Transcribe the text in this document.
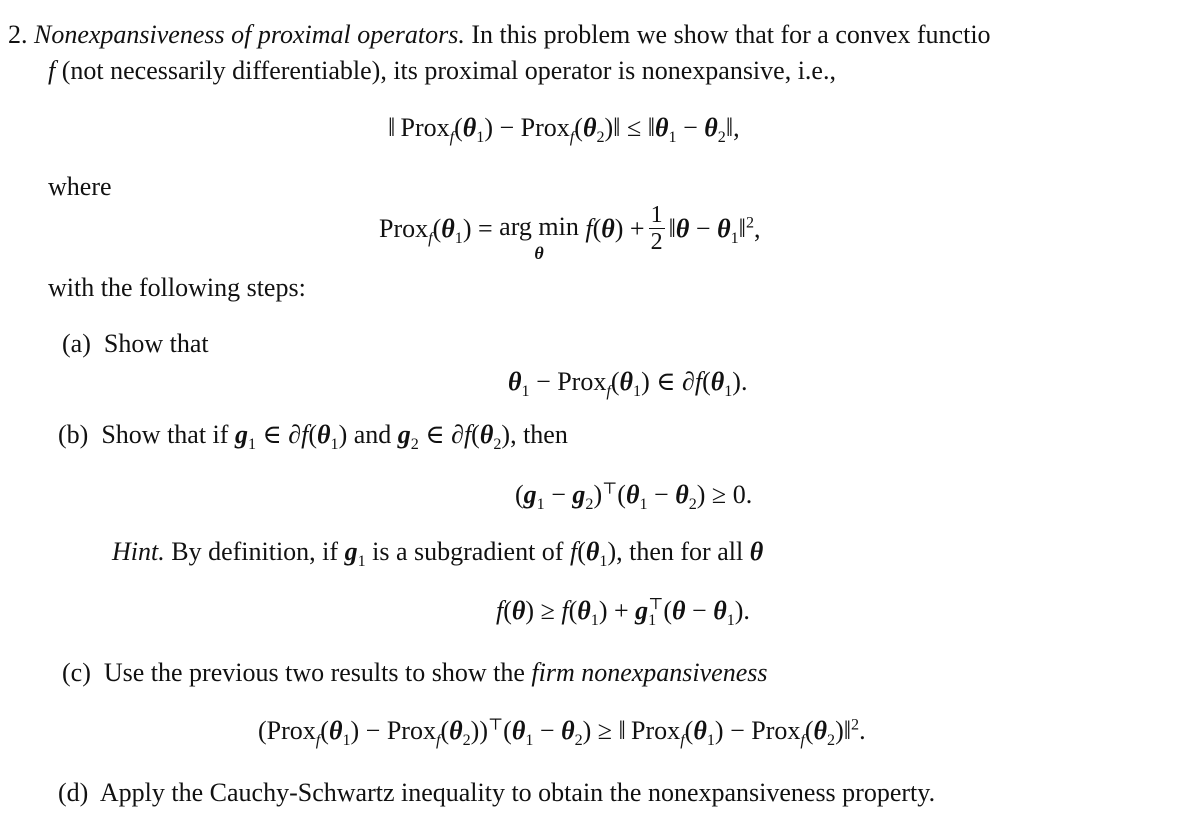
2. Nonexpansiveness of proximal operators. In this problem we show that for a convex functio
f (not necessarily differentiable), its proximal operator is nonexpansive, i.e.,
‖ $Prox_f(\theta_1)$ − $Prox_f(\theta_2)‖$ ≤ $‖\theta_1$ − $\theta_2‖$,
where
$Prox_f(\theta_1)$ = arg min
θ
$f(\theta) + \frac{1}{2}$ ‖θ − $\theta_1‖^2$,
with the following steps:
(a) Show that
$\theta_1$ − $Prox_f(\theta_1)$ ∈ $\partial f(\theta_1)$.
(b) Show that if $g_1$ ∈ $\partial f(\theta_1)$ and $g_2$ ∈ $\partial f(\theta_2)$, then
$(g_1 - g_2)^⊤(\theta_1 - \theta_2) \ge 0$.
Hint. By definition, if $g_1$ is a subgradient of $f(\theta_1)$, then for all θ
$f(\theta) \ge f(\theta_1) + g_1^⊤(\theta - \theta_1)$.
(c) Use the previous two results to show the firm nonexpansiveness
($Prox_f(\theta_1)$ − $Prox_f(\theta_2))^⊤(\theta_1 - \theta_2)$ ≥ ‖ $Prox_f(\theta_1)$ − $Prox_f(\theta_2)‖^2$.
(d) Apply the Cauchy-Schwartz inequality to obtain the nonexpansiveness property.
